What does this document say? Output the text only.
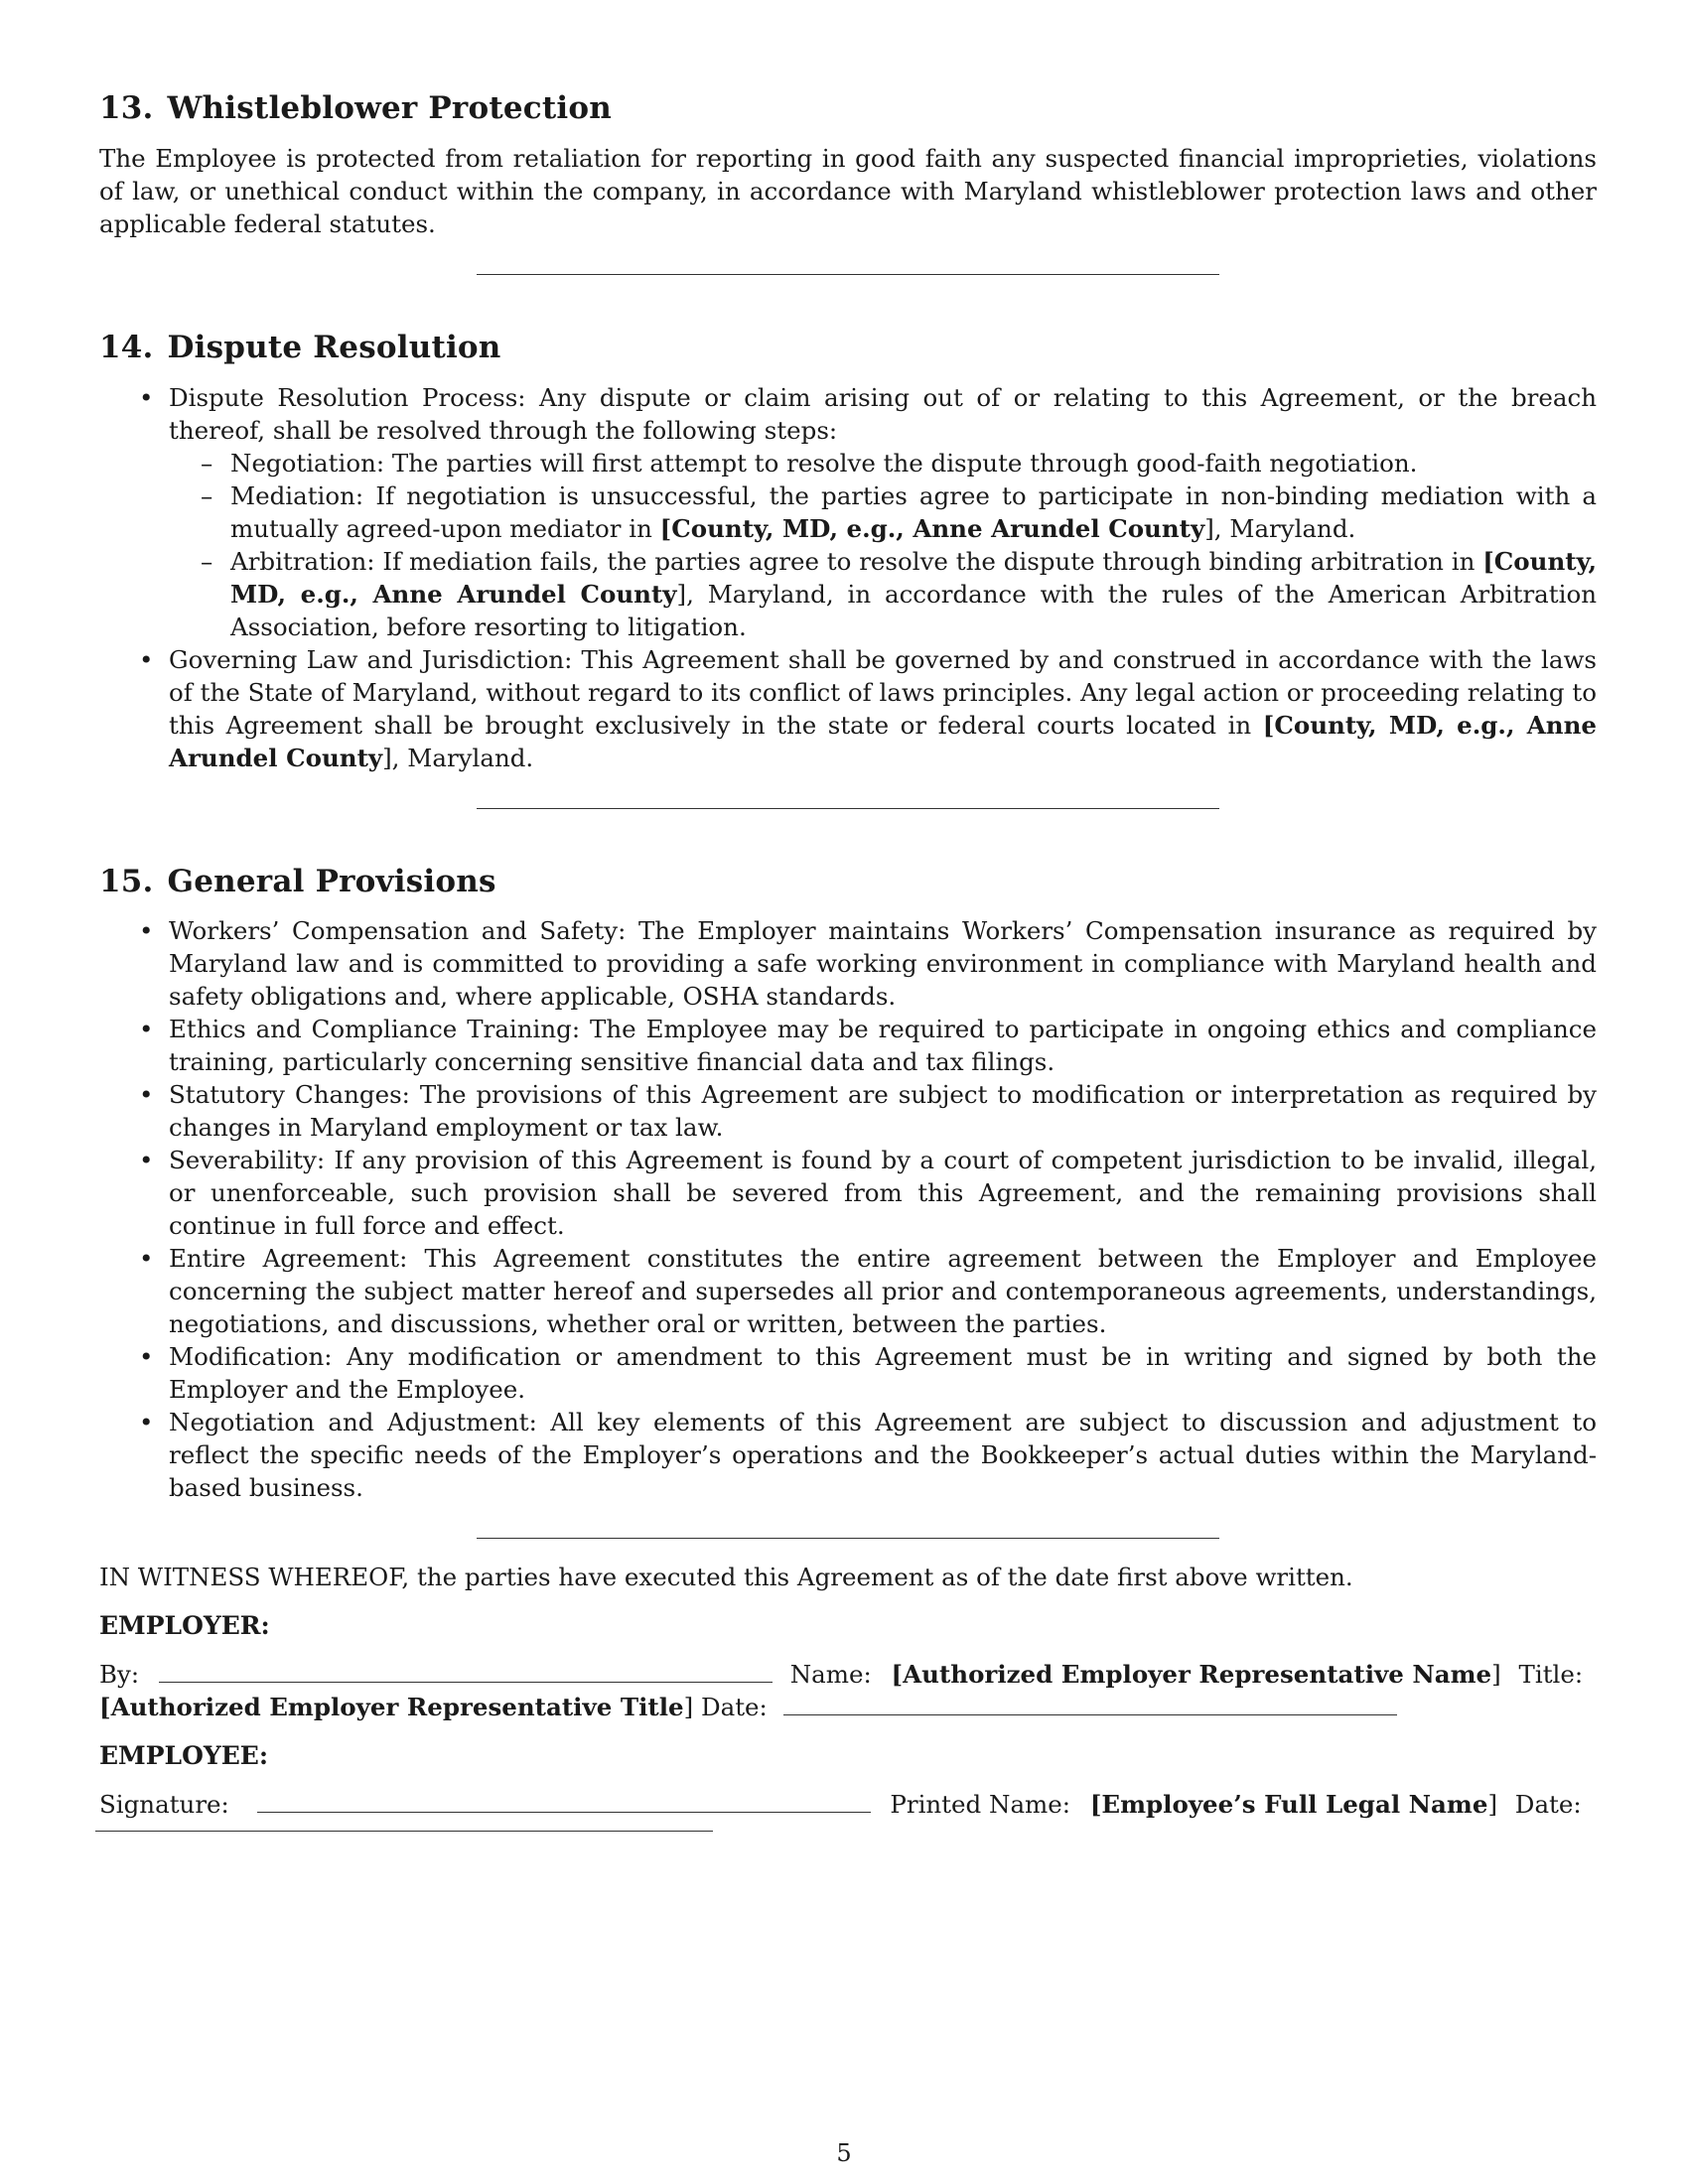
13. Whistleblower Protection

The Employee is protected from retaliation for reporting in good faith any suspected financial improprieties, violations of law, or unethical conduct within the company, in accordance with Maryland whistleblower protection laws and other applicable federal statutes.

14. Dispute Resolution
• Dispute Resolution Process: Any dispute or claim arising out of or relating to this Agreement, or the breach thereof, shall be resolved through the following steps:
– Negotiation: The parties will first attempt to resolve the dispute through good-faith negotiation.
– Mediation: If negotiation is unsuccessful, the parties agree to participate in non-binding mediation with a mutually agreed-upon mediator in [County, MD, e.g., Anne Arundel County], Maryland.
– Arbitration: If mediation fails, the parties agree to resolve the dispute through binding arbitration in [County, MD, e.g., Anne Arundel County], Maryland, in accordance with the rules of the American Arbitration Association, before resorting to litigation.
• Governing Law and Jurisdiction: This Agreement shall be governed by and construed in accordance with the laws of the State of Maryland, without regard to its conflict of laws principles. Any legal action or proceeding relating to this Agreement shall be brought exclusively in the state or federal courts located in [County, MD, e.g., Anne Arundel County], Maryland.
15. General Provisions
• Workers’ Compensation and Safety: The Employer maintains Workers’ Compensation insurance as required by Maryland law and is committed to providing a safe working environment in compliance with Maryland health and safety obligations and, where applicable, OSHA standards.
• Ethics and Compliance Training: The Employee may be required to participate in ongoing ethics and compliance training, particularly concerning sensitive financial data and tax filings.
• Statutory Changes: The provisions of this Agreement are subject to modification or interpretation as required by changes in Maryland employment or tax law.
• Severability: If any provision of this Agreement is found by a court of competent jurisdiction to be invalid, illegal, or unenforceable, such provision shall be severed from this Agreement, and the remaining provisions shall continue in full force and effect.
• Entire Agreement: This Agreement constitutes the entire agreement between the Employer and Employee concerning the subject matter hereof and supersedes all prior and contemporaneous agreements, understandings, negotiations, and discussions, whether oral or written, between the parties.
• Modification: Any modification or amendment to this Agreement must be in writing and signed by both the Employer and the Employee.
• Negotiation and Adjustment: All key elements of this Agreement are subject to discussion and adjustment to reflect the specific needs of the Employer’s operations and the Bookkeeper’s actual duties within the Maryland-based business.
IN WITNESS WHEREOF, the parties have executed this Agreement as of the date first above written.
EMPLOYER:
By:	Name: [Authorized Employer Representative Name] Title:
[Authorized Employer Representative Title] Date:
EMPLOYEE:
Signature:	Printed Name: [Employee’s Full Legal Name] Date:
5
